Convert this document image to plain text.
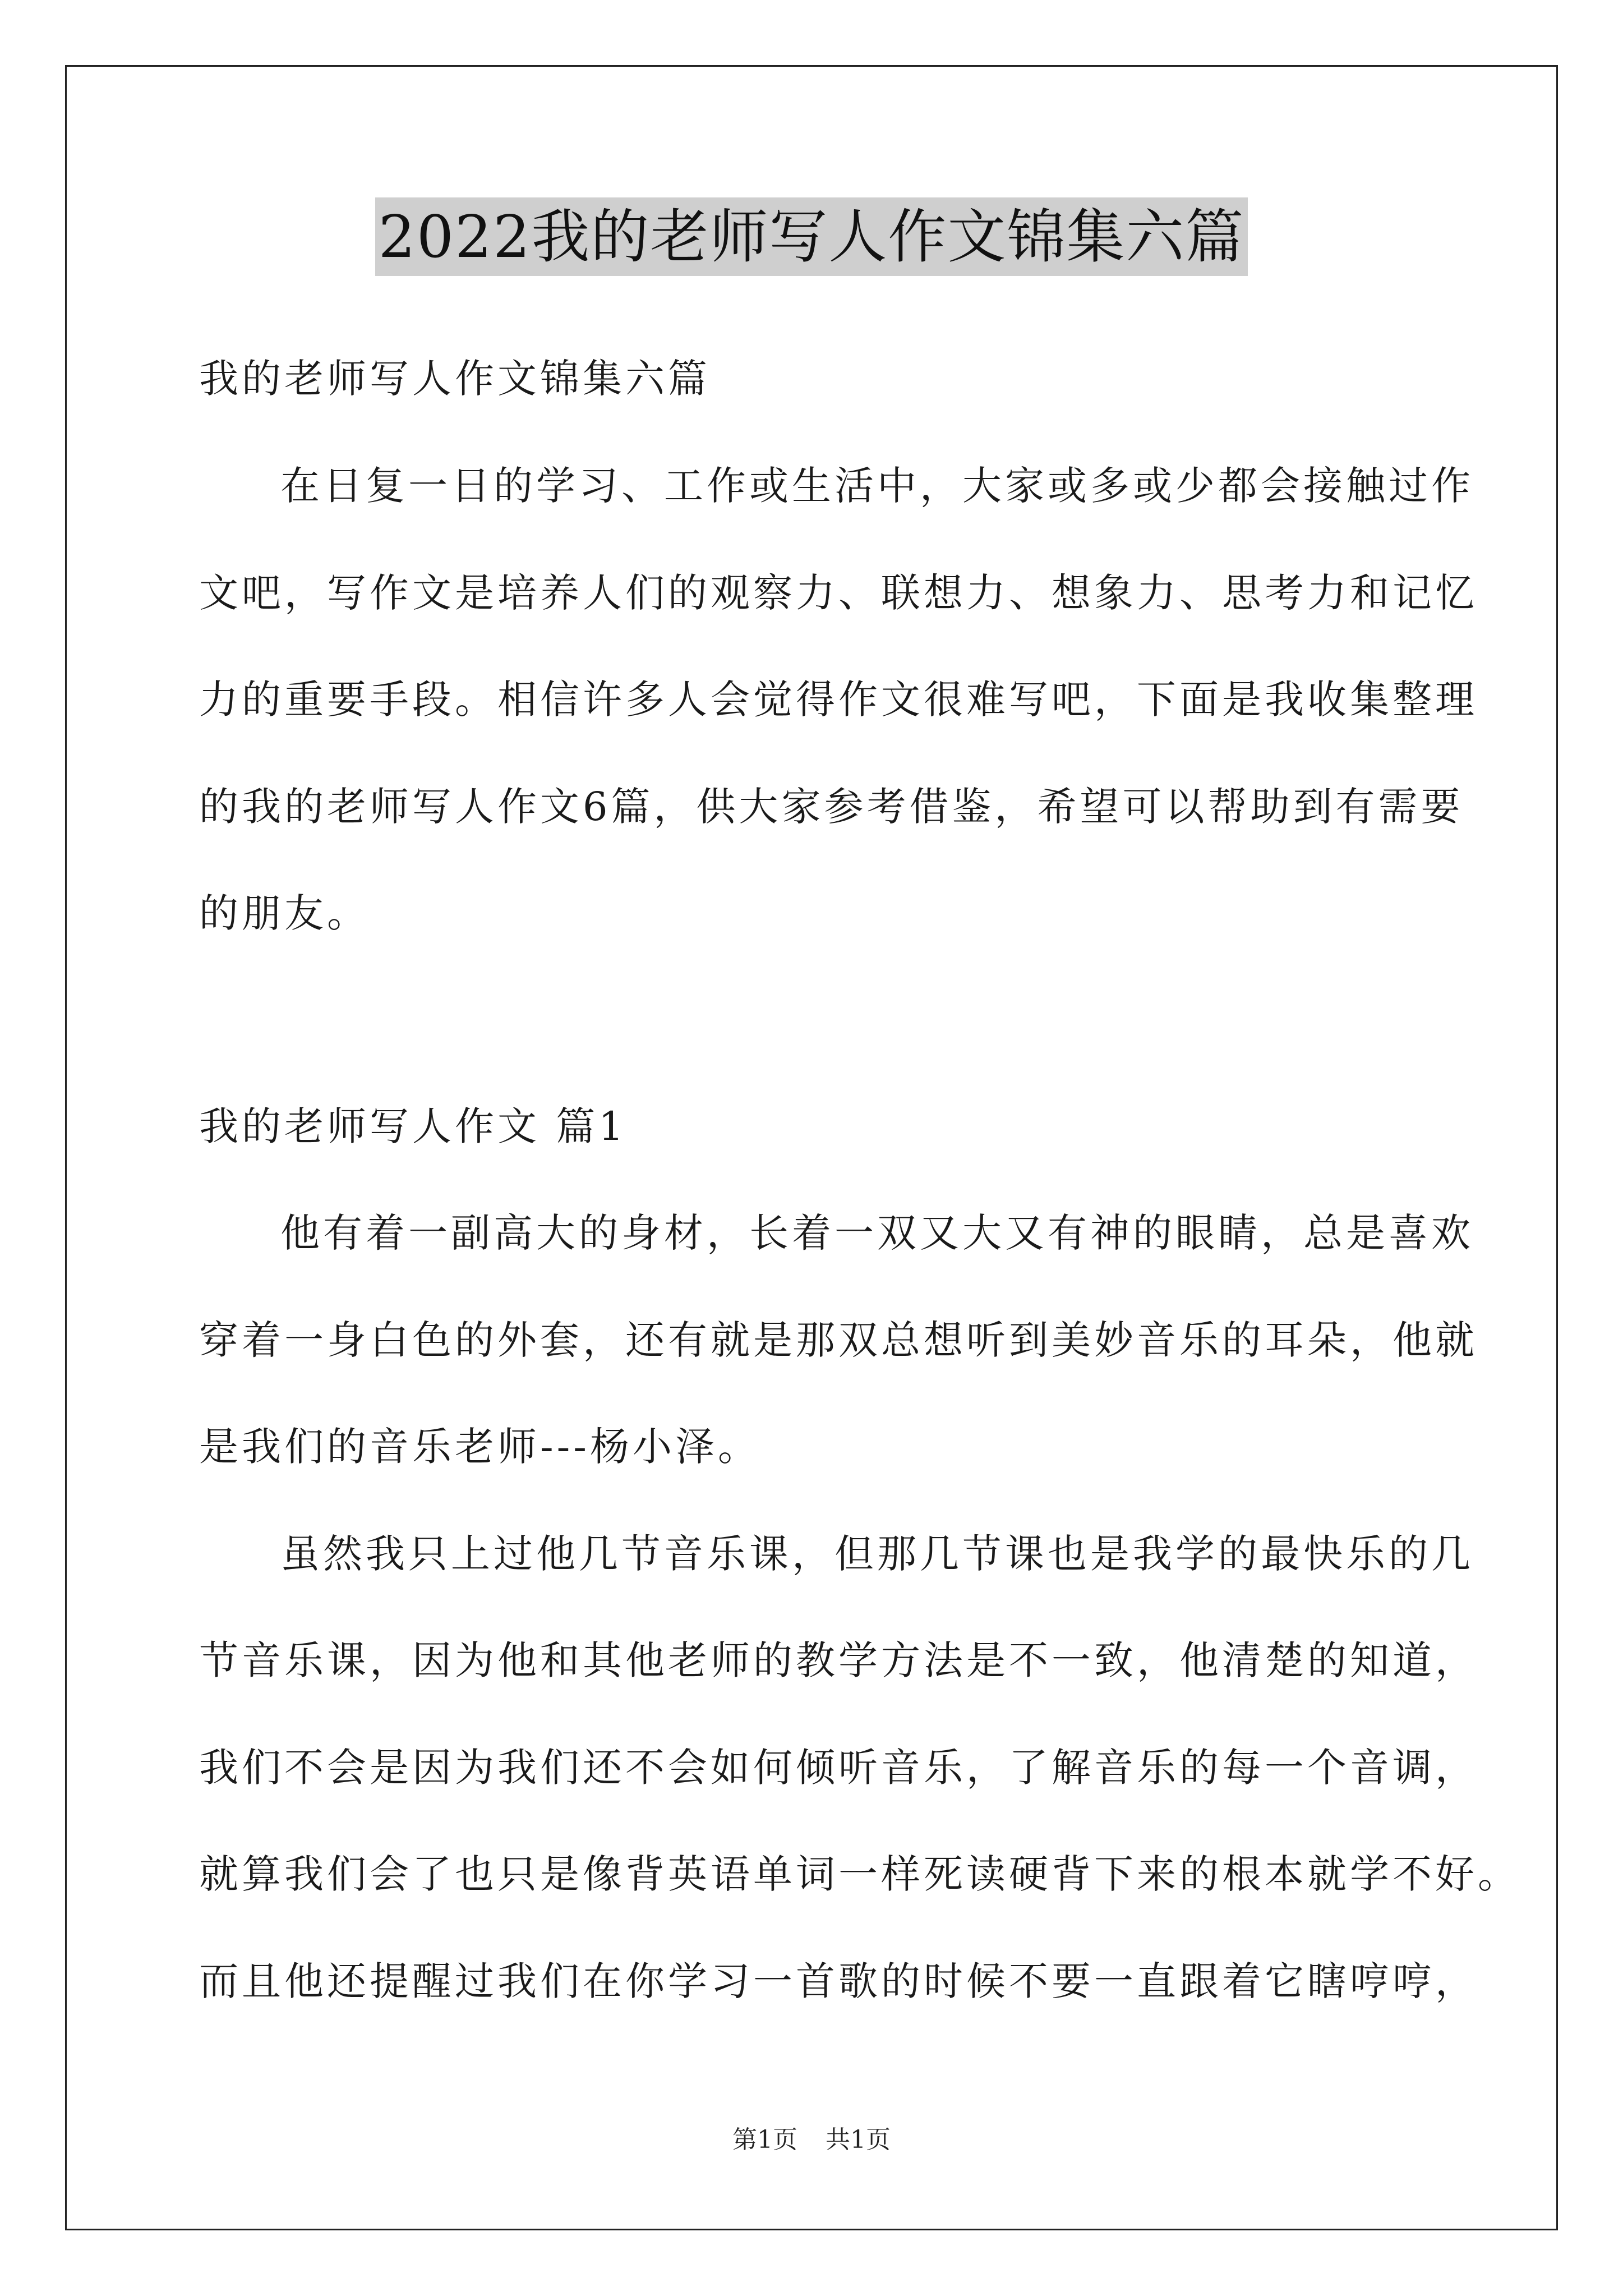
2022我的老师写人作文锦集六篇
我的老师写人作文锦集六篇
在日复一日的学习、工作或生活中，大家或多或少都会接触过作
文吧，写作文是培养人们的观察力、联想力、想象力、思考力和记忆
力的重要手段。相信许多人会觉得作文很难写吧，下面是我收集整理
的我的老师写人作文6篇，供大家参考借鉴，希望可以帮助到有需要
的朋友。
我的老师写人作文 篇1
他有着一副高大的身材，长着一双又大又有神的眼睛，总是喜欢
穿着一身白色的外套，还有就是那双总想听到美妙音乐的耳朵，他就
是我们的音乐老师---杨小泽。
虽然我只上过他几节音乐课，但那几节课也是我学的最快乐的几
节音乐课，因为他和其他老师的教学方法是不一致，他清楚的知道，
我们不会是因为我们还不会如何倾听音乐，了解音乐的每一个音调，
就算我们会了也只是像背英语单词一样死读硬背下来的根本就学不好。
而且他还提醒过我们在你学习一首歌的时候不要一直跟着它瞎哼哼，
第1页 共1页
